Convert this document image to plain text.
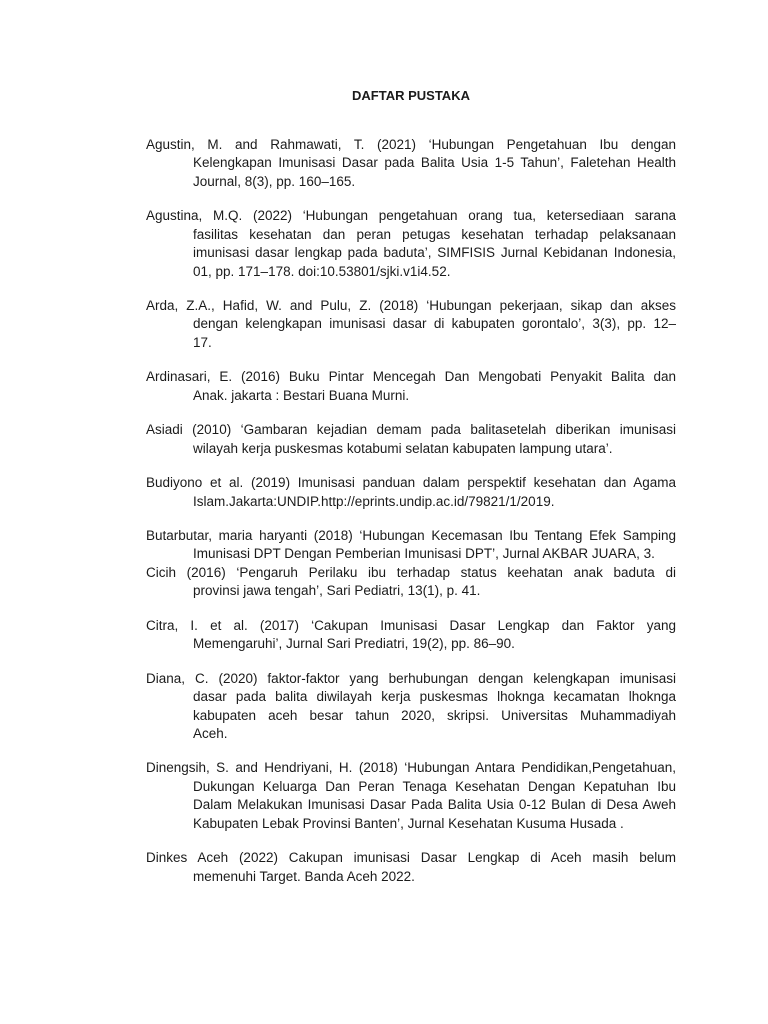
DAFTAR PUSTAKA
Agustin, M. and Rahmawati, T. (2021) ‘Hubungan Pengetahuan Ibu dengan
Kelengkapan Imunisasi Dasar pada Balita Usia 1-5 Tahun’, Faletehan Health
Journal, 8(3), pp. 160–165.
Agustina, M.Q. (2022) ‘Hubungan pengetahuan orang tua, ketersediaan sarana
fasilitas kesehatan dan peran petugas kesehatan terhadap pelaksanaan
imunisasi dasar lengkap pada baduta’, SIMFISIS Jurnal Kebidanan Indonesia,
01, pp. 171–178. doi:10.53801/sjki.v1i4.52.
Arda, Z.A., Hafid, W. and Pulu, Z. (2018) ‘Hubungan pekerjaan, sikap dan akses
dengan kelengkapan imunisasi dasar di kabupaten gorontalo’, 3(3), pp. 12–
17.
Ardinasari, E. (2016) Buku Pintar Mencegah Dan Mengobati Penyakit Balita dan
Anak. jakarta : Bestari Buana Murni.
Asiadi (2010) ‘Gambaran kejadian demam pada balitasetelah diberikan imunisasi
wilayah kerja puskesmas kotabumi selatan kabupaten lampung utara’.
Budiyono et al. (2019) Imunisasi panduan dalam perspektif kesehatan dan Agama
Islam.Jakarta:UNDIP.http://eprints.undip.ac.id/79821/1/2019.
Butarbutar, maria haryanti (2018) ‘Hubungan Kecemasan Ibu Tentang Efek Samping
Imunisasi DPT Dengan Pemberian Imunisasi DPT’, Jurnal AKBAR JUARA, 3.
Cicih (2016) ‘Pengaruh Perilaku ibu terhadap status keehatan anak baduta di
provinsi jawa tengah’, Sari Pediatri, 13(1), p. 41.
Citra, I. et al. (2017) ‘Cakupan Imunisasi Dasar Lengkap dan Faktor yang
Memengaruhi’, Jurnal Sari Prediatri, 19(2), pp. 86–90.
Diana, C. (2020) faktor-faktor yang berhubungan dengan kelengkapan imunisasi
dasar pada balita diwilayah kerja puskesmas lhoknga kecamatan lhoknga
kabupaten aceh besar tahun 2020, skripsi. Universitas Muhammadiyah
Aceh.
Dinengsih, S. and Hendriyani, H. (2018) ‘Hubungan Antara Pendidikan,Pengetahuan,
Dukungan Keluarga Dan Peran Tenaga Kesehatan Dengan Kepatuhan Ibu
Dalam Melakukan Imunisasi Dasar Pada Balita Usia 0-12 Bulan di Desa Aweh
Kabupaten Lebak Provinsi Banten’, Jurnal Kesehatan Kusuma Husada .
Dinkes Aceh (2022) Cakupan imunisasi Dasar Lengkap di Aceh masih belum
memenuhi Target. Banda Aceh 2022.
